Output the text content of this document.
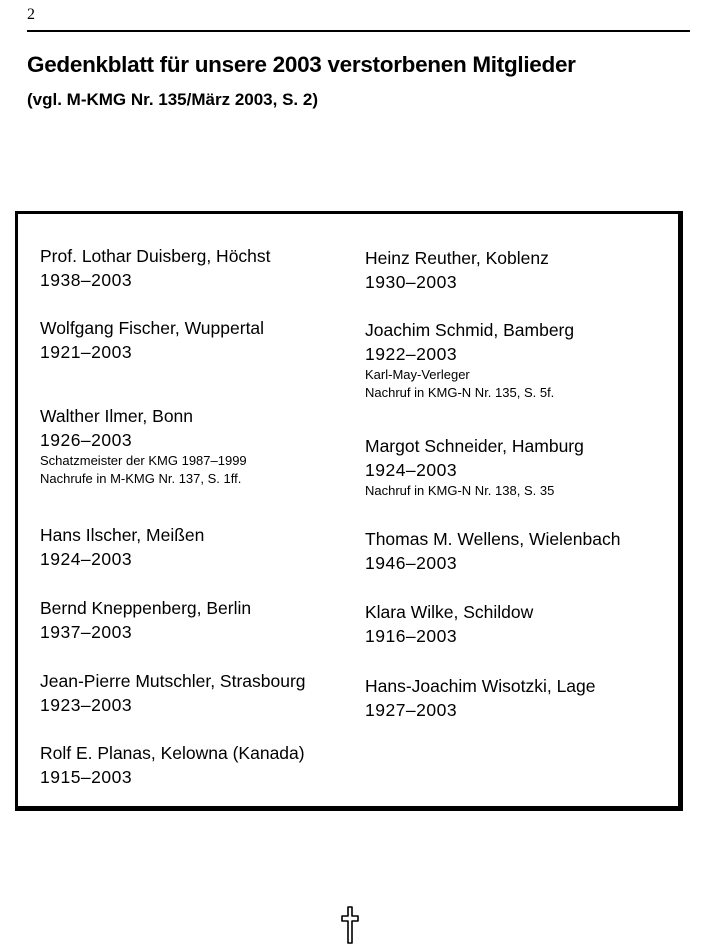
2
Gedenkblatt für unsere 2003 verstorbenen Mitglieder
(vgl. M-KMG Nr. 135/März 2003, S. 2)
Prof. Lothar Duisberg, Höchst
1938–2003
Wolfgang Fischer, Wuppertal
1921–2003
Walther Ilmer, Bonn
1926–2003
Schatzmeister der KMG 1987–1999
Nachrufe in M-KMG Nr. 137, S. 1ff.
Hans Ilscher, Meißen
1924–2003
Bernd Kneppenberg, Berlin
1937–2003
Jean-Pierre Mutschler, Strasbourg
1923–2003
Rolf E. Planas, Kelowna (Kanada)
1915–2003
Heinz Reuther, Koblenz
1930–2003
Joachim Schmid, Bamberg
1922–2003
Karl-May-Verleger
Nachruf in KMG-N Nr. 135, S. 5f.
Margot Schneider, Hamburg
1924–2003
Nachruf in KMG-N Nr. 138, S. 35
Thomas M. Wellens, Wielenbach
1946–2003
Klara Wilke, Schildow
1916–2003
Hans-Joachim Wisotzki, Lage
1927–2003
